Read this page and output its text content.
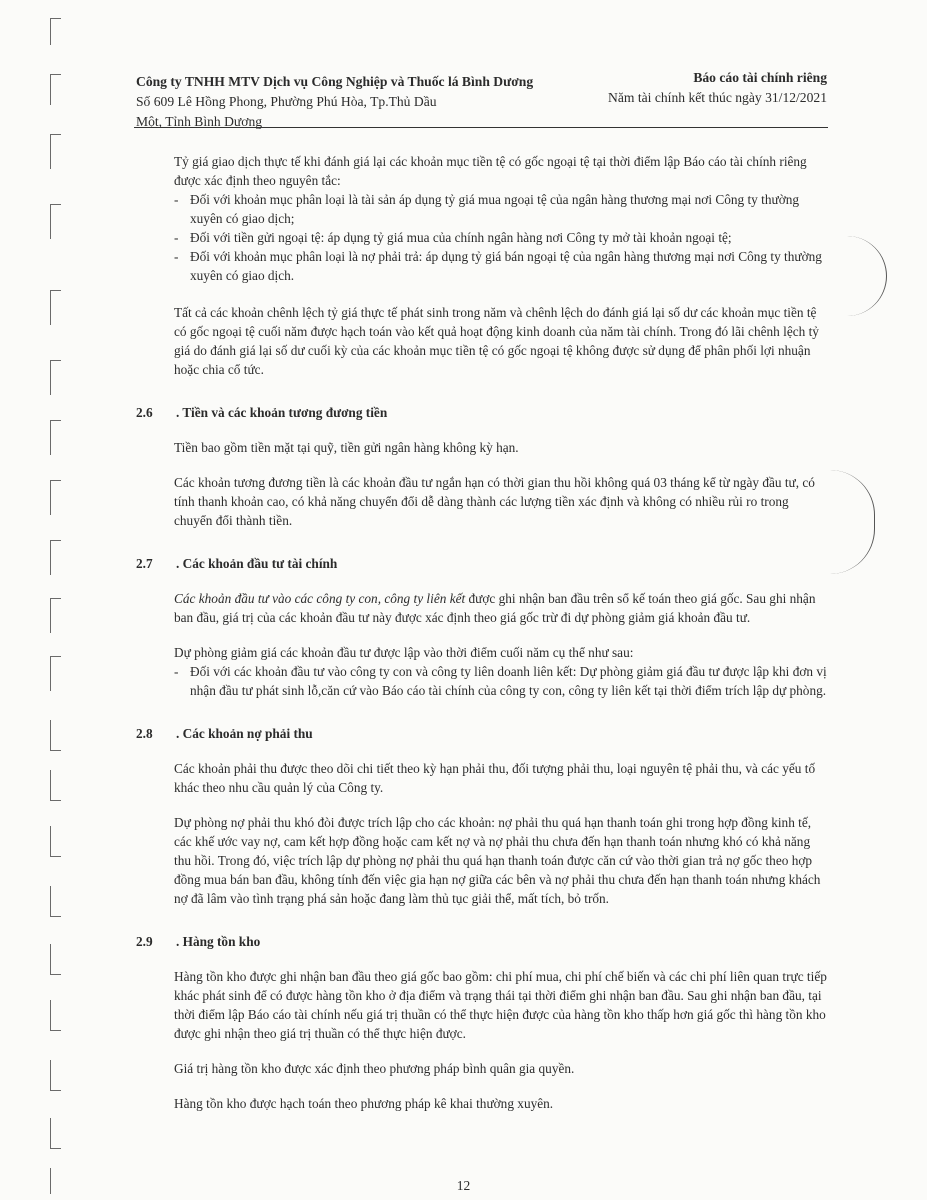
Công ty TNHH MTV Dịch vụ Công Nghiệp và Thuốc lá Bình Dương
Số 609 Lê Hồng Phong, Phường Phú Hòa, Tp.Thủ Dầu
Một, Tỉnh Bình Dương
Báo cáo tài chính riêng
Năm tài chính kết thúc ngày 31/12/2021

Tỷ giá giao dịch thực tế khi đánh giá lại các khoản mục tiền tệ có gốc ngoại tệ tại thời điểm lập Báo cáo tài chính riêng được xác định theo nguyên tắc:

- Đối với khoản mục phân loại là tài sản áp dụng tỷ giá mua ngoại tệ của ngân hàng thương mại nơi Công ty thường xuyên có giao dịch;
- Đối với tiền gửi ngoại tệ: áp dụng tỷ giá mua của chính ngân hàng nơi Công ty mở tài khoản ngoại tệ;
- Đối với khoản mục phân loại là nợ phải trả: áp dụng tỷ giá bán ngoại tệ của ngân hàng thương mại nơi Công ty thường xuyên có giao dịch.

Tất cả các khoản chênh lệch tỷ giá thực tế phát sinh trong năm và chênh lệch do đánh giá lại số dư các khoản mục tiền tệ có gốc ngoại tệ cuối năm được hạch toán vào kết quả hoạt động kinh doanh của năm tài chính. Trong đó lãi chênh lệch tỷ giá do đánh giá lại số dư cuối kỳ của các khoản mục tiền tệ có gốc ngoại tệ không được sử dụng để phân phối lợi nhuận hoặc chia cổ tức.

2.6	. Tiền và các khoản tương đương tiền

Tiền bao gồm tiền mặt tại quỹ, tiền gửi ngân hàng không kỳ hạn.

Các khoản tương đương tiền là các khoản đầu tư ngắn hạn có thời gian thu hồi không quá 03 tháng kể từ ngày đầu tư, có tính thanh khoản cao, có khả năng chuyển đổi dễ dàng thành các lượng tiền xác định và không có nhiều rủi ro trong chuyển đổi thành tiền.

2.7	. Các khoản đầu tư tài chính

Các khoản đầu tư vào các công ty con, công ty liên kết được ghi nhận ban đầu trên sổ kế toán theo giá gốc. Sau ghi nhận ban đầu, giá trị của các khoản đầu tư này được xác định theo giá gốc trừ đi dự phòng giảm giá khoản đầu tư.

Dự phòng giảm giá các khoản đầu tư được lập vào thời điểm cuối năm cụ thể như sau:

- Đối với các khoản đầu tư vào công ty con và công ty liên doanh liên kết: Dự phòng giảm giá đầu tư được lập khi đơn vị nhận đầu tư phát sinh lỗ,căn cứ vào Báo cáo tài chính của công ty con, công ty liên kết tại thời điểm trích lập dự phòng.
2.8	. Các khoản nợ phải thu

Các khoản phải thu được theo dõi chi tiết theo kỳ hạn phải thu, đối tượng phải thu, loại nguyên tệ phải thu, và các yếu tố khác theo nhu cầu quản lý của Công ty.

Dự phòng nợ phải thu khó đòi được trích lập cho các khoản: nợ phải thu quá hạn thanh toán ghi trong hợp đồng kinh tế, các khế ước vay nợ, cam kết hợp đồng hoặc cam kết nợ và nợ phải thu chưa đến hạn thanh toán nhưng khó có khả năng thu hồi. Trong đó, việc trích lập dự phòng nợ phải thu quá hạn thanh toán được căn cứ vào thời gian trả nợ gốc theo hợp đồng mua bán ban đầu, không tính đến việc gia hạn nợ giữa các bên và nợ phải thu chưa đến hạn thanh toán nhưng khách nợ đã lâm vào tình trạng phá sản hoặc đang làm thủ tục giải thể, mất tích, bỏ trốn.

2.9	. Hàng tồn kho

Hàng tồn kho được ghi nhận ban đầu theo giá gốc bao gồm: chi phí mua, chi phí chế biến và các chi phí liên quan trực tiếp khác phát sinh để có được hàng tồn kho ở địa điểm và trạng thái tại thời điểm ghi nhận ban đầu. Sau ghi nhận ban đầu, tại thời điểm lập Báo cáo tài chính nếu giá trị thuần có thể thực hiện được của hàng tồn kho thấp hơn giá gốc thì hàng tồn kho được ghi nhận theo giá trị thuần có thể thực hiện được.

Giá trị hàng tồn kho được xác định theo phương pháp bình quân gia quyền.

Hàng tồn kho được hạch toán theo phương pháp kê khai thường xuyên.

12
